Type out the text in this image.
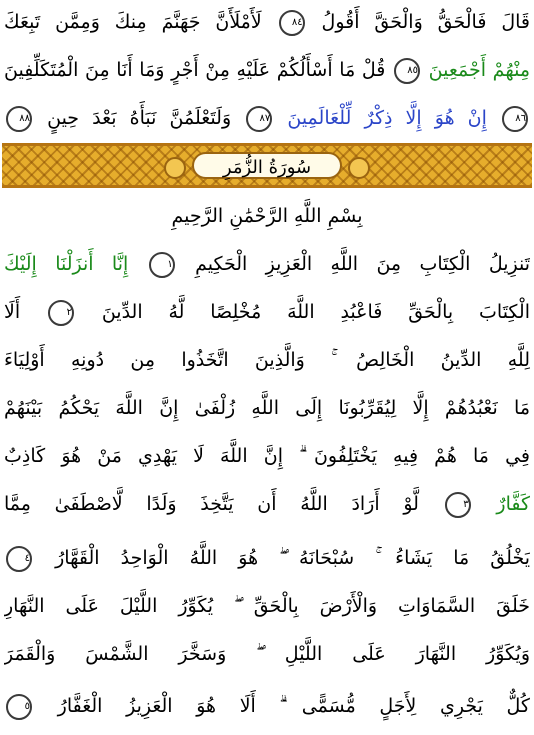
قَالَ فَالْحَقُّ وَالْحَقَّ أَقُولُ ٨٤ لَأَمْلَأَنَّ جَهَنَّمَ مِنكَ وَمِمَّن تَبِعَكَ
مِنْهُمْ أَجْمَعِينَ ٨٥ قُلْ مَا أَسْأَلُكُمْ عَلَيْهِ مِنْ أَجْرٍ وَمَا أَنَا مِنَ الْمُتَكَلِّفِينَ
٨٦ إِنْ هُوَ إِلَّا ذِكْرٌ لِّلْعَالَمِينَ ٨٧ وَلَتَعْلَمُنَّ نَبَأَهُ بَعْدَ حِينٍ ٨٨
سُورَةُ الزُّمَرِ
بِسْمِ اللَّهِ الرَّحْمَٰنِ الرَّحِيمِ
تَنزِيلُ الْكِتَابِ مِنَ اللَّهِ الْعَزِيزِ الْحَكِيمِ ١ إِنَّا أَنزَلْنَا إِلَيْكَ
الْكِتَابَ بِالْحَقِّ فَاعْبُدِ اللَّهَ مُخْلِصًا لَّهُ الدِّينَ ٢ أَلَا
لِلَّهِ الدِّينُ الْخَالِصُ ۚ وَالَّذِينَ اتَّخَذُوا مِن دُونِهِ أَوْلِيَاءَ
مَا نَعْبُدُهُمْ إِلَّا لِيُقَرِّبُونَا إِلَى اللَّهِ زُلْفَىٰ إِنَّ اللَّهَ يَحْكُمُ بَيْنَهُمْ
فِي مَا هُمْ فِيهِ يَخْتَلِفُونَ ۗ إِنَّ اللَّهَ لَا يَهْدِي مَنْ هُوَ كَاذِبٌ
كَفَّارٌ ٣ لَّوْ أَرَادَ اللَّهُ أَن يَتَّخِذَ وَلَدًا لَّاصْطَفَىٰ مِمَّا
يَخْلُقُ مَا يَشَاءُ ۚ سُبْحَانَهُ ۖ هُوَ اللَّهُ الْوَاحِدُ الْقَهَّارُ ٤
خَلَقَ السَّمَاوَاتِ وَالْأَرْضَ بِالْحَقِّ ۖ يُكَوِّرُ اللَّيْلَ عَلَى النَّهَارِ
وَيُكَوِّرُ النَّهَارَ عَلَى اللَّيْلِ ۖ وَسَخَّرَ الشَّمْسَ وَالْقَمَرَ
كُلٌّ يَجْرِي لِأَجَلٍ مُّسَمًّى ۗ أَلَا هُوَ الْعَزِيزُ الْغَفَّارُ ٥
